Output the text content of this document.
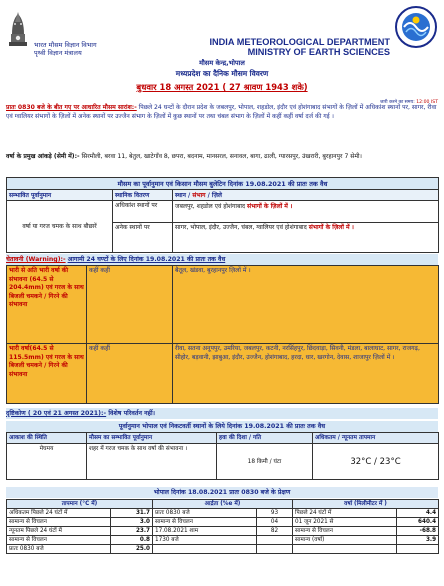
भारत मौसम विज्ञान विभाग
पृथ्वी विज्ञान मंत्रालय
INDIA METEOROLOGICAL DEPARTMENT
MINISTRY OF EARTH SCIENCES
मौसम केन्द्र,भोपाल
मध्यप्रदेश का दैनिक मौसम विवरण
बुधवार 18 अगस्त 2021 ( 27 श्रावण 1943 शके)
जारी करने का समय: 12:00 IST
प्रातः 0830 बजे के बीत गए पर आधारित मौसम सारांश:- पिछले 24 घन्टों के दौरान प्रदेश के जबलपुर, भोपाल, शहडोल, इंदौर एवं होशंगाबाद संभागों के ज़िलों में अधिकांश स्थानों पर, सागर, रीवा एवं ग्वालियर संभागों के ज़िलों में अनेक स्थानों पर उज्जैन संभाग के ज़िलों में कुछ स्थानों पर तथा चंबल संभाग के ज़िलों में कहीं कहीं वर्षा दर्ज की गई ।
वर्षा के प्रमुख आंकड़े (सेमी में):- सिरमौली, बरवा 11, बेतुल, खाटेगाँव 8, छपरा, बदनाम, मानसरल, सनावल, बागा, ढाली, ग्यारसपुर, उंखरारी, बुरहानपुर 7 सेमी।
मौसम का पूर्वानुमान एवं किसान मौसम बुलेटिन दिनांक 19.08.2021 की प्रातः तक वैध		
सम्भावित पूर्वानुमान	स्थानिक वितरण	स्थान / संभाग / ज़िले
वर्षा या गरज चमक के साथ बौछारें	अधिकांश स्थानों पर	जबलपुर, शहडोल एवं होशंगाबाद संभागों के ज़िलों में ।
	अनेक स्थानों पर	सागर, भोपाल, इंदौर, उज्जैन, चंबल, ग्वालियर एवं होशंगाबाद संभागों के ज़िलों में ।
चेतावनी (Warning):- आगामी 24 घण्टों के लिए दिनांक 19.08.2021 की प्रातः तक वैध
भारी से अति भारी वर्षा की संभावना (64.5 से 204.4mm) एवं गरज के साथ बिजली चमकने / गिरने की संभावना	कहीं कहीं	बैतूल, खंडवा, बुरहानपुर ज़िलों में ।
भारी वर्षा(64.5 से 115.5mm) एवं गरज के साथ बिजली चमकने / गिरने की संभावना	कहीं कहीं	रीवा, सतना अनूपपुर, उमरिया, जबलपुर, कटनी, नरसिंहपुर, छिंदवाड़ा, सिवनी, मंडला, बालाघाट, सागर, राजगढ़, सीहोर, बड़वानी, झाबुआ, इंदौर, उज्जैन, होशंगाबाद, हरदा, धार, खरगोन, देवास, शाजापुर ज़िलों में ।
दृष्टिकोण ( 20 एवं 21 अगस्त 2021):- विशेष परिवर्तन नहीं।
पूर्वानुमान भोपाल एवं निकटवर्ती स्थानों के लिये दिनांक 19.08.2021 की प्रातः तक वैध
आकाश की स्थिति	मौसम का सम्भावित पूर्वानुमान	हवा की दिशा / गति	अधिकतम / न्यूनतम तापमान
मेघमय	शहर में गरज चमक के साथ वर्षा की संभावना ।	18 किमी / घंटा	32°C / 23°C
भोपाल दिनांक 18.08.2021 प्रातः 0830 बजे के प्रेक्षण
तापमान (°C में)		आर्द्रता (%e में)		वर्षा (मिलीमीटर में )	
अधिकतम पिछले 24 घंटों में	31.7	प्रातः 0830 बजे	93	पिछले 24 घंटों में	4.4
सामान्य से विचलन	3.0	सामान्य से विचलन	04	01 जून 2021 से	640.4
न्यूनतम पिछले 24 घंटों में	23.7	17.08.2021 शाम	82	सामान्य से विचलन	-68.8
सामान्य से विचलन	0.8	1730 बजे		सामान्य (वर्षा)	3.9
प्रातः 0830 बजे	25.0				
